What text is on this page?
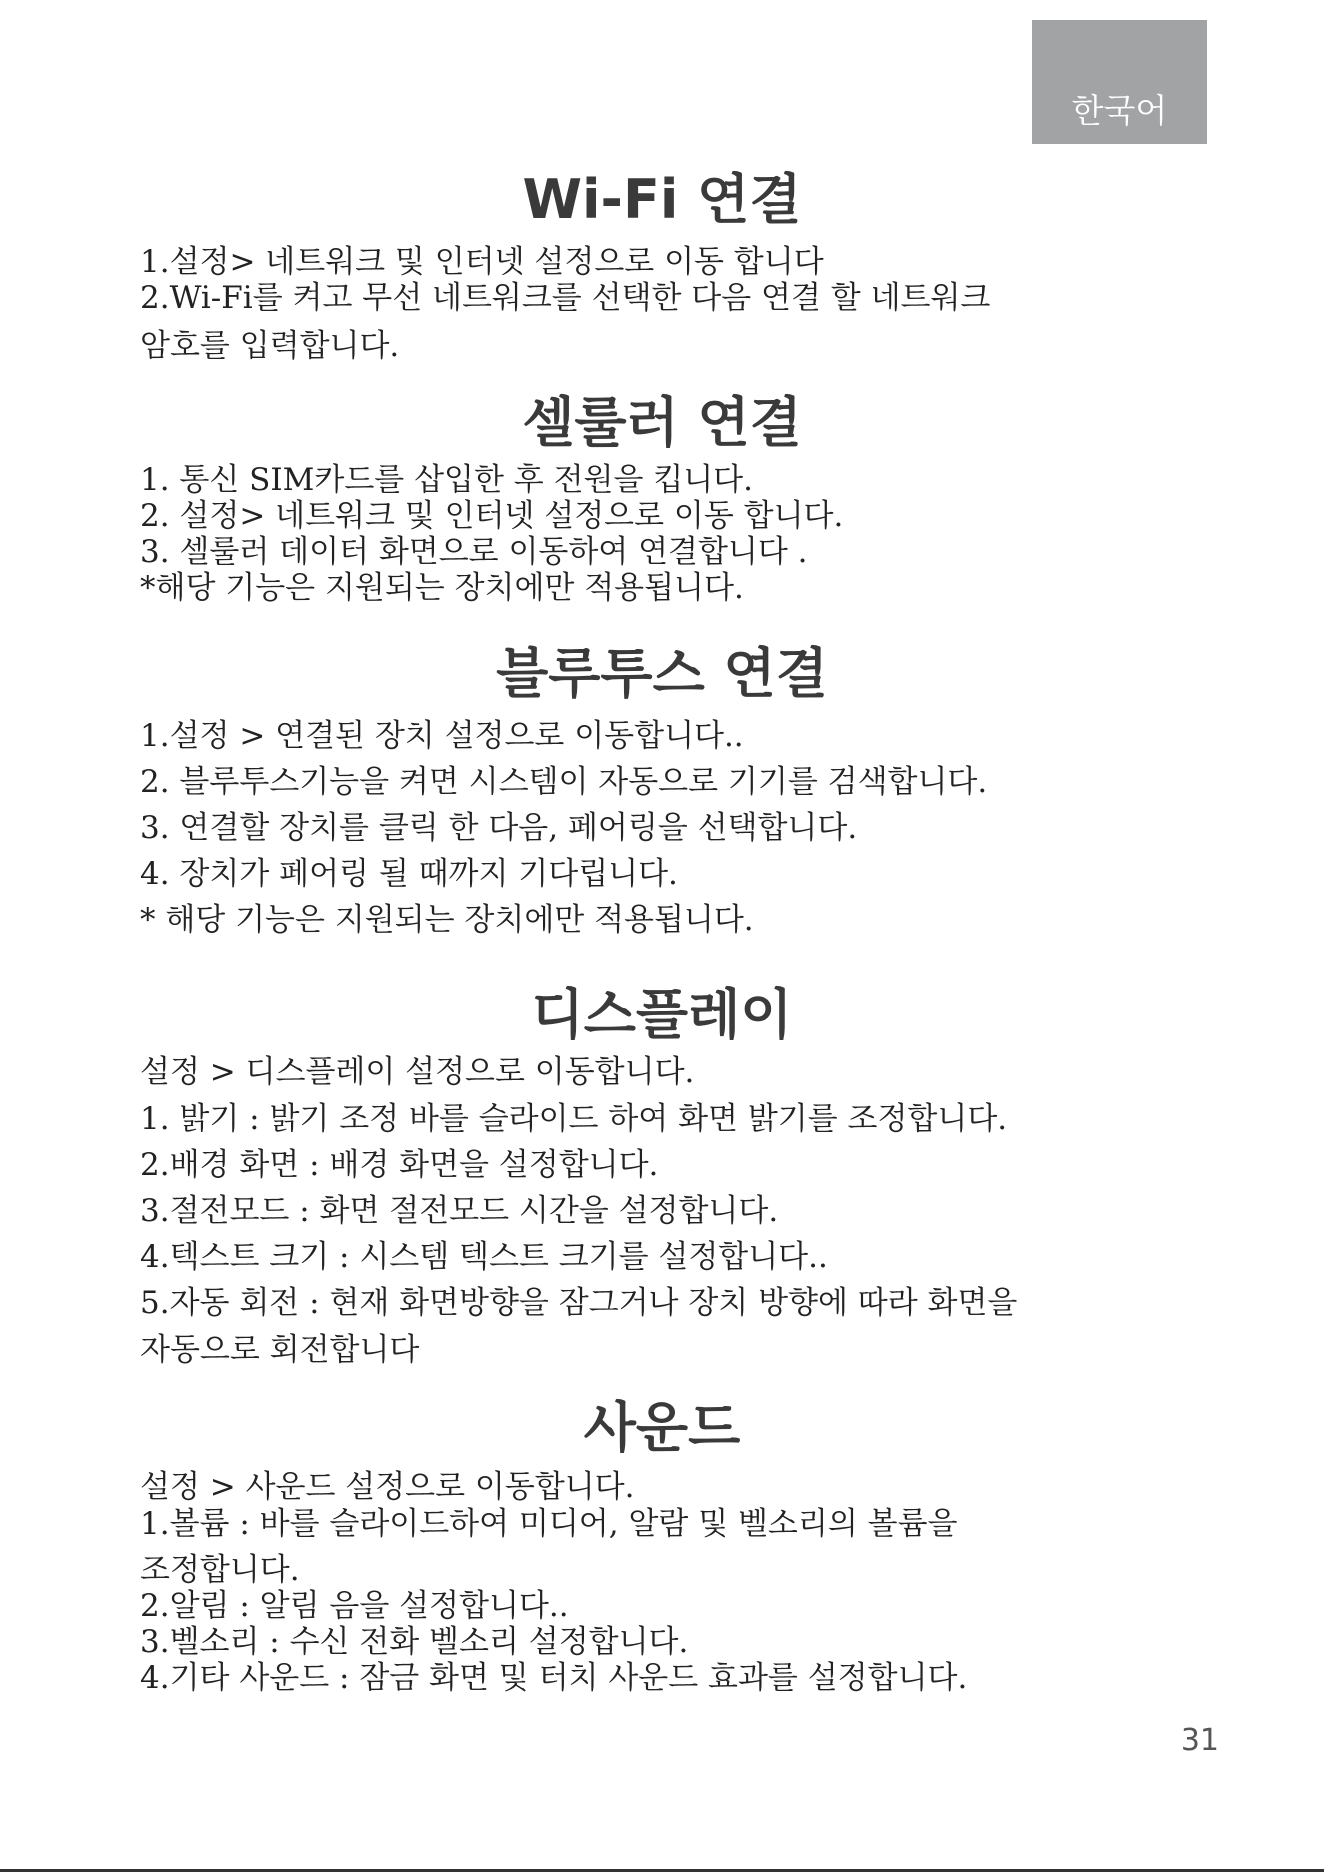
한국어
Wi-Fi 연결

1.설정> 네트워크 및 인터넷 설정으로 이동 합니다

2.Wi-Fi를 켜고 무선 네트워크를 선택한 다음 연결 할 네트워크

암호를 입력합니다.

셀룰러 연결

1. 통신 SIM카드를 삽입한 후 전원을 킵니다.

2. 설정> 네트워크 및 인터넷 설정으로 이동 합니다.

3. 셀룰러 데이터 화면으로 이동하여 연결합니다 .

*해당 기능은 지원되는 장치에만 적용됩니다.

블루투스 연결

1.설정 > 연결된 장치 설정으로 이동합니다..

2. 블루투스기능을 켜면 시스템이 자동으로 기기를 검색합니다.

3. 연결할 장치를 클릭 한 다음, 페어링을 선택합니다.

4. 장치가 페어링 될 때까지 기다립니다.

* 해당 기능은 지원되는 장치에만 적용됩니다.

디스플레이

설정 > 디스플레이 설정으로 이동합니다.

1. 밝기 : 밝기 조정 바를 슬라이드 하여 화면 밝기를 조정합니다.

2.배경 화면 : 배경 화면을 설정합니다.

3.절전모드 : 화면 절전모드 시간을 설정합니다.

4.텍스트 크기 : 시스템 텍스트 크기를 설정합니다..

5.자동 회전 : 현재 화면방향을 잠그거나 장치 방향에 따라 화면을

자동으로 회전합니다

사운드

설정 > 사운드 설정으로 이동합니다.

1.볼륨 : 바를 슬라이드하여 미디어, 알람 및 벨소리의 볼륨을

조정합니다.

2.알림 : 알림 음을 설정합니다..

3.벨소리 : 수신 전화 벨소리 설정합니다.

4.기타 사운드 : 잠금 화면 및 터치 사운드 효과를 설정합니다.

31
